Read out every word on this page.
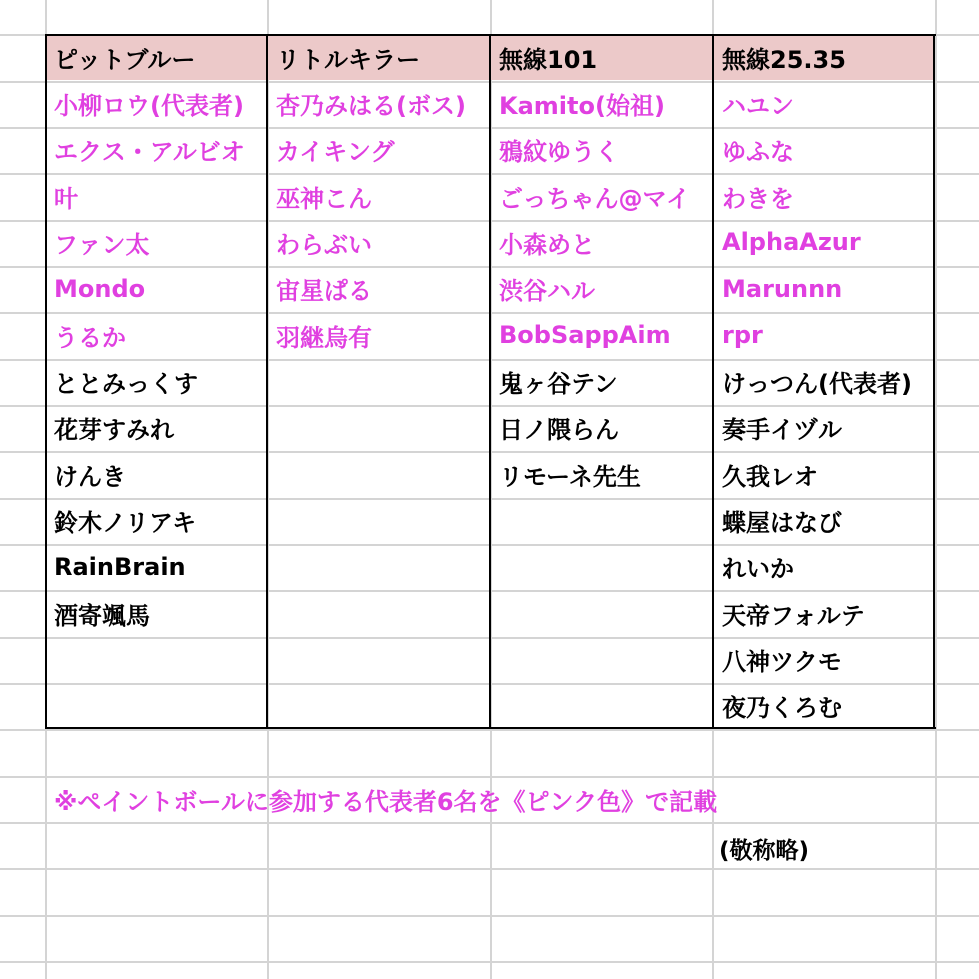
ピットブルー
小柳ロウ(代表者)
エクス・アルビオ
叶
ファン太
Mondo
うるか
ととみっくす
花芽すみれ
けんき
鈴木ノリアキ
RainBrain
酒寄颯馬
リトルキラー
杏乃みはる(ボス)
カイキング
巫神こん
わらぶい
宙星ぱる
羽継烏有
無線101
Kamito(始祖)
鴉紋ゆうく
ごっちゃん@マイ
小森めと
渋谷ハル
BobSappAim
鬼ヶ谷テン
日ノ隈らん
リモーネ先生
無線25.35
ハユン
ゆふな
わきを
AlphaAzur
Marunnn
rpr
けっつん(代表者)
奏手イヅル
久我レオ
蝶屋はなび
れいか
天帝フォルテ
八神ツクモ
夜乃くろむ
※ペイントボールに参加する代表者6名を《ピンク色》で記載
(敬称略)
